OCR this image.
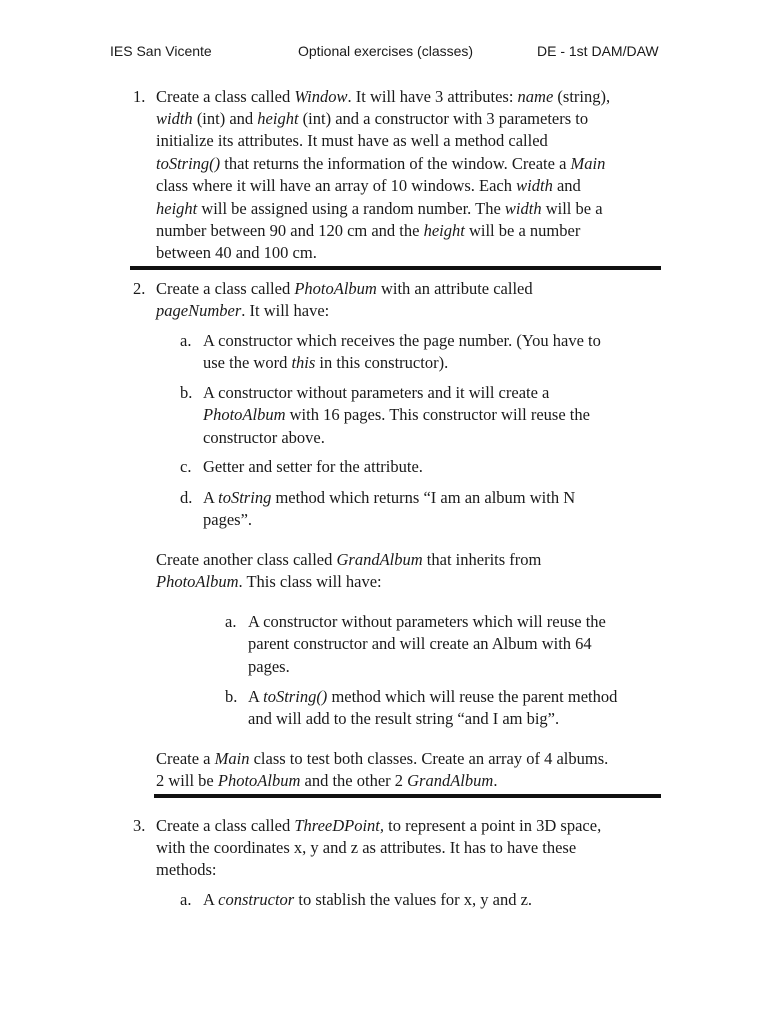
IES San Vicente	Optional exercises (classes)	DE - 1st DAM/DAW
1. Create a class called Window. It will have 3 attributes: name (string),
width (int) and height (int) and a constructor with 3 parameters to
initialize its attributes. It must have as well a method called
toString() that returns the information of the window. Create a Main
class where it will have an array of 10 windows. Each width and
height will be assigned using a random number. The width will be a
number between 90 and 120 cm and the height will be a number
between 40 and 100 cm.
2. Create a class called PhotoAlbum with an attribute called
pageNumber. It will have:
a. A constructor which receives the page number. (You have to
use the word this in this constructor).
b. A constructor without parameters and it will create a
PhotoAlbum with 16 pages. This constructor will reuse the
constructor above.
c. Getter and setter for the attribute.
d. A toString method which returns “I am an album with N
pages”.
Create another class called GrandAlbum that inherits from
PhotoAlbum. This class will have:
a. A constructor without parameters which will reuse the
parent constructor and will create an Album with 64
pages.
b. A toString() method which will reuse the parent method
and will add to the result string “and I am big”.
Create a Main class to test both classes. Create an array of 4 albums.
2 will be PhotoAlbum and the other 2 GrandAlbum.
3. Create a class called ThreeDPoint, to represent a point in 3D space,
with the coordinates x, y and z as attributes. It has to have these
methods:
a. A constructor to stablish the values for x, y and z.
